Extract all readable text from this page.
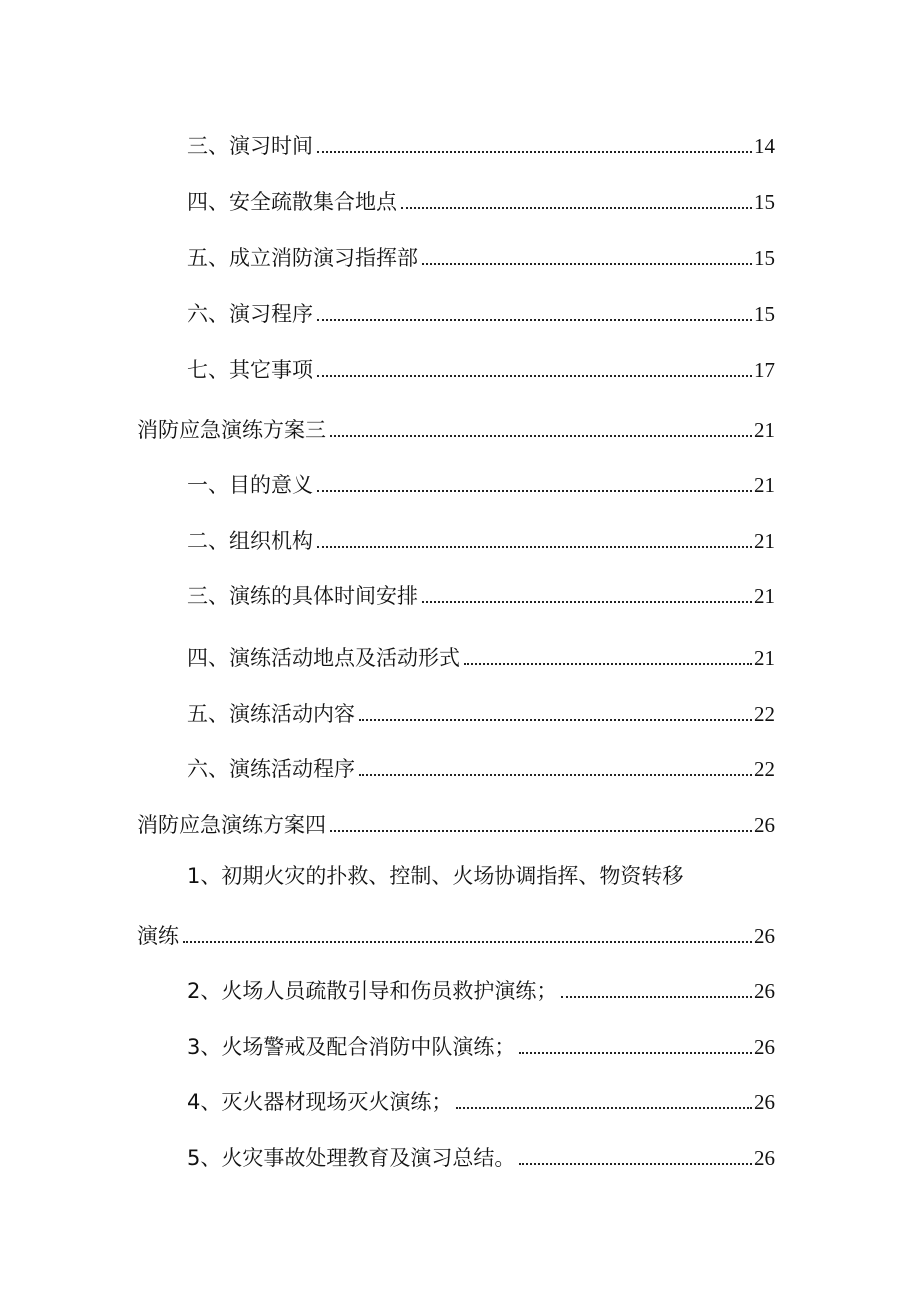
三、演习时间	14
四、安全疏散集合地点	15
五、成立消防演习指挥部	15
六、演习程序	15
七、其它事项	17
消防应急演练方案三	21
一、目的意义	21
二、组织机构	21
三、演练的具体时间安排	21
四、演练活动地点及活动形式	21
五、演练活动内容	22
六、演练活动程序	22
消防应急演练方案四	26
1、初期火灾的扑救、控制、火场协调指挥、物资转移
演练	26
2、火场人员疏散引导和伤员救护演练；	26
3、火场警戒及配合消防中队演练；	26
4、灭火器材现场灭火演练；	26
5、火灾事故处理教育及演习总结。	26
